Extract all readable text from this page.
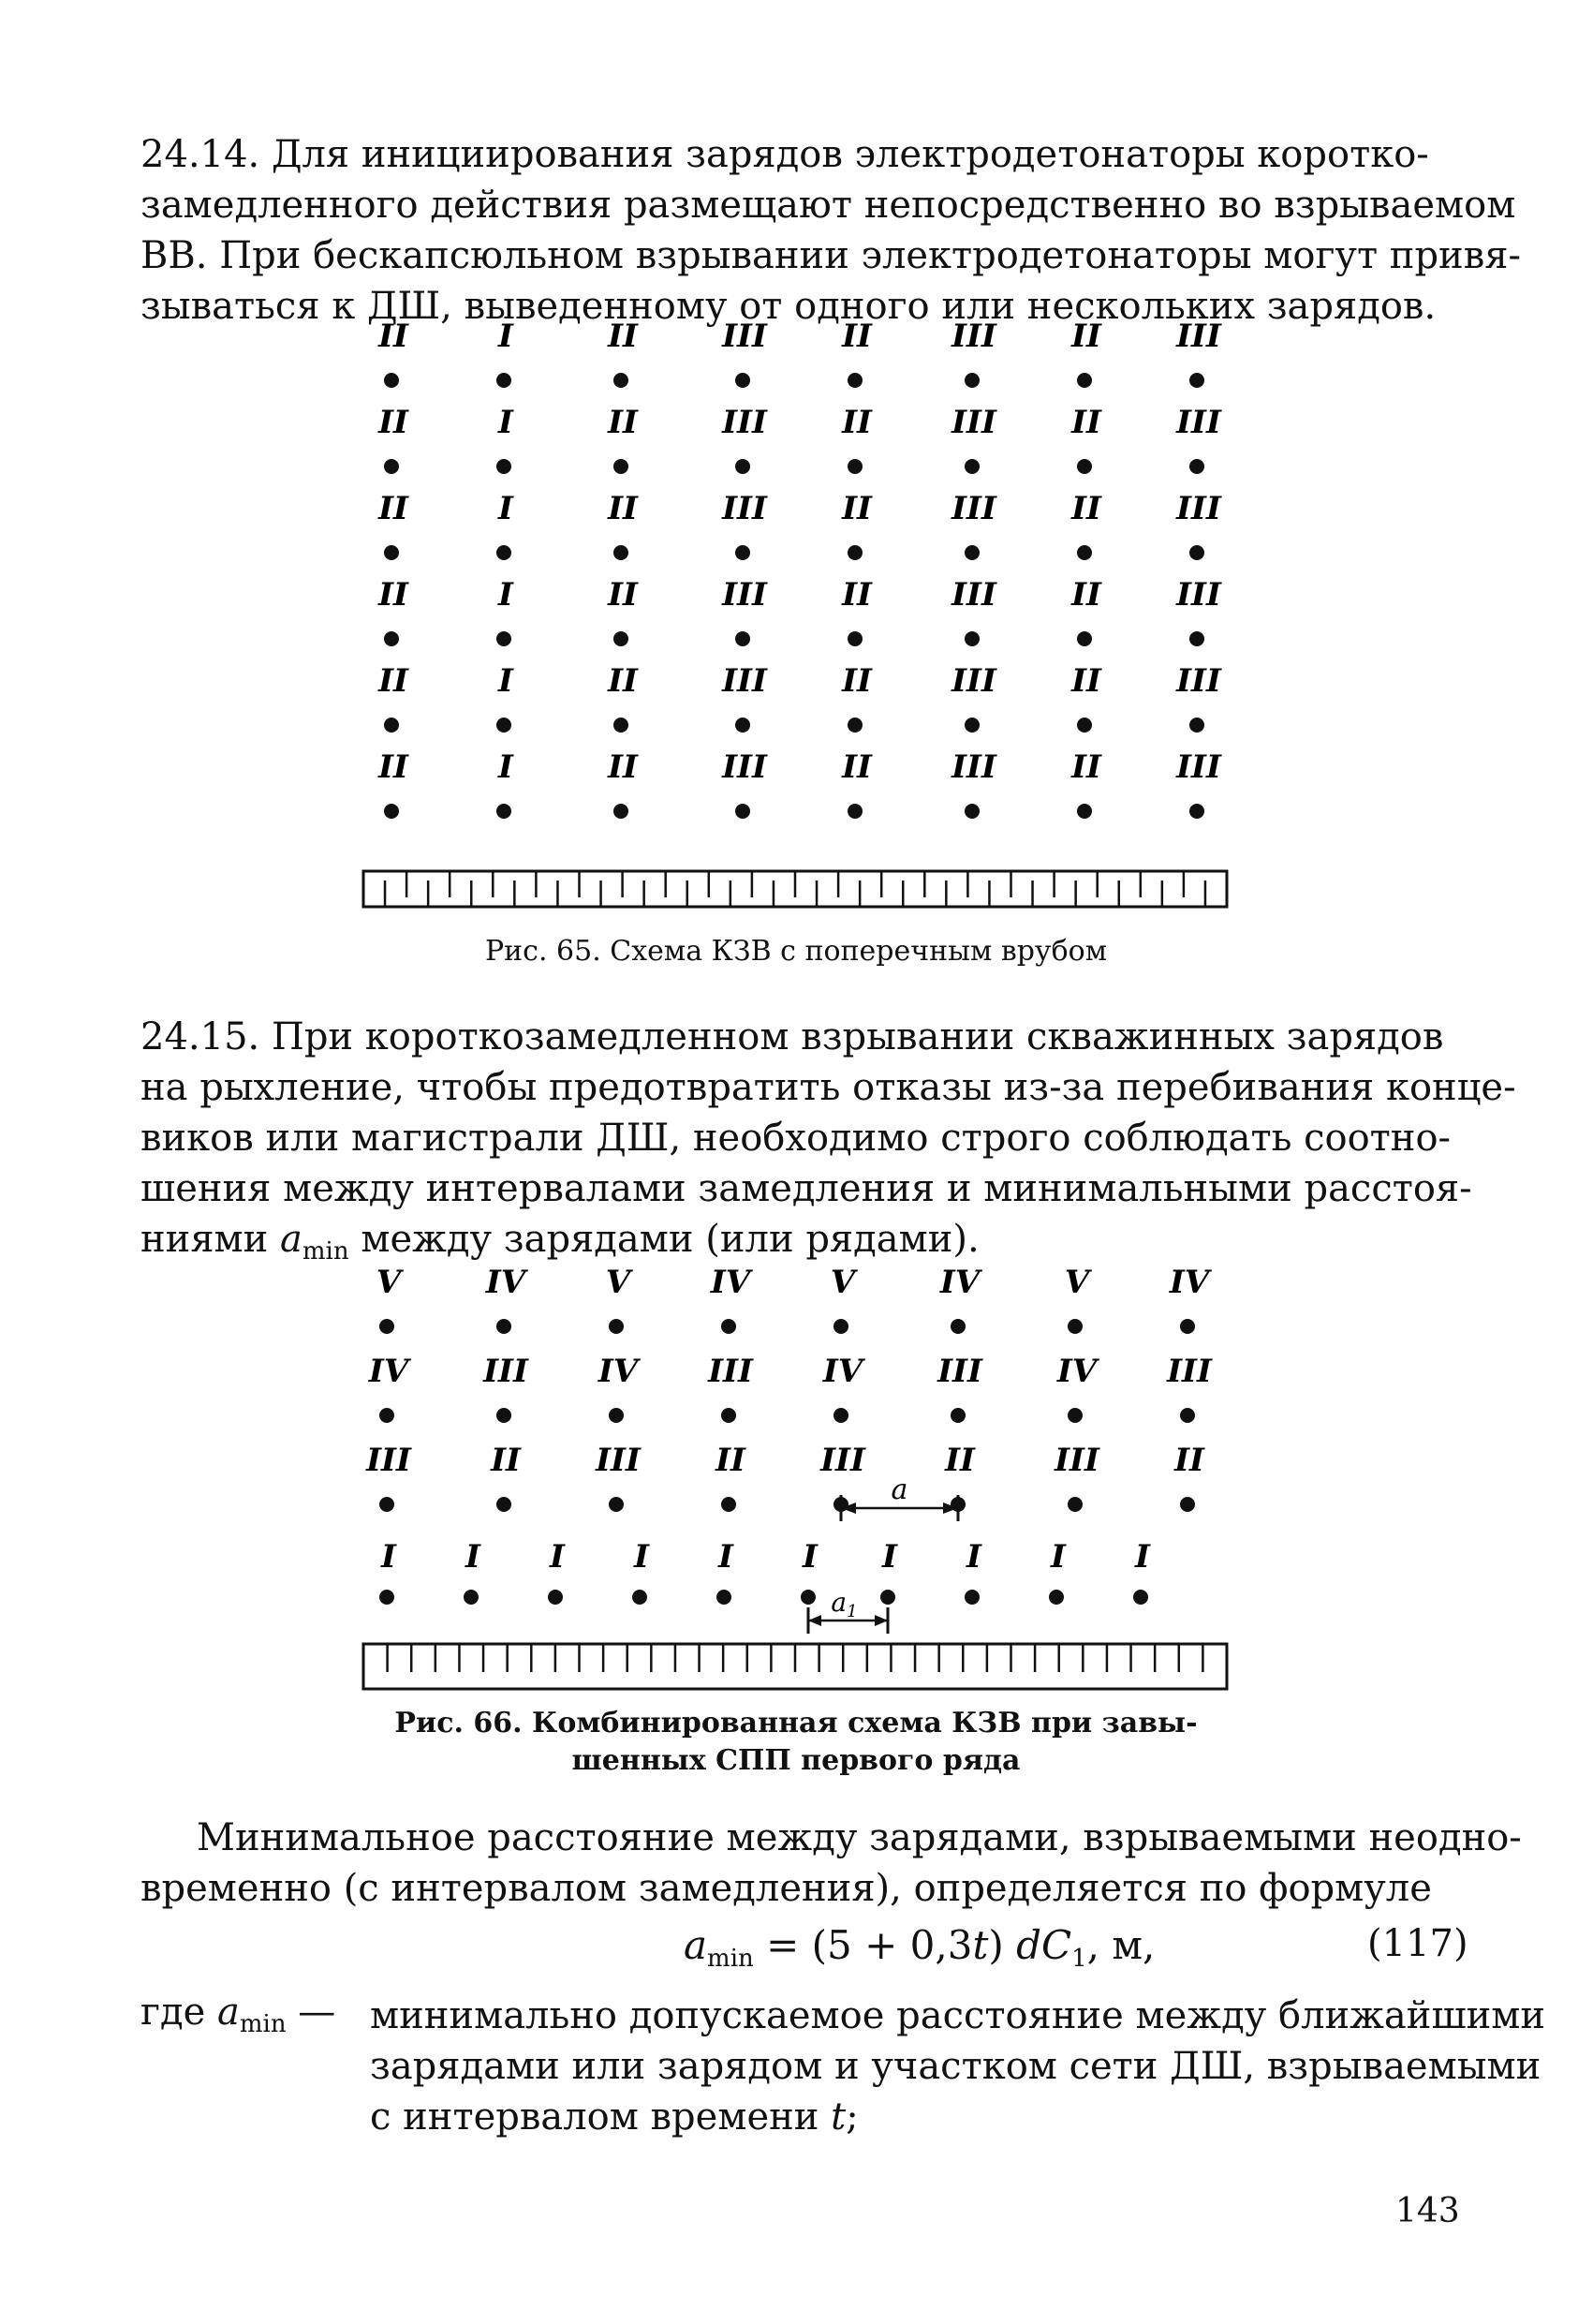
24.14. Для инициирования зарядов электродетонаторы коротко-
замедленного действия размещают непосредственно во взрываемом
ВВ. При бескапсюльном взрывании электродетонаторы могут привя-
зываться к ДШ, выведенному от одного или нескольких зарядов.
II	I	II	III II	III II III
II	I	II	III II	III II III
II	I	II	III II	III II III
II	I	II	III II	III II III
II	I	II	III II	III II III
II	I	II	III II	III II III
Рис. 65. Схема КЗВ с поперечным врубом
24.15. При короткозамедленном взрывании скважинных зарядов
на рыхление, чтобы предотвратить отказы из-за перебивания конце-
виков или магистрали ДШ, необходимо строго соблюдать соотно-
шения между интервалами замедления и минимальными расстоя-
ниями $a_{min}$ между зарядами (или рядами).
V	IV	V	IV	V	IV	V	IV
IV III IV III IV III IV III
III	II III II III	II	III II
I I I I I I I I I I
a
$a_1$
Рис. 66. Комбинированная схема КЗВ при завы-
шенных СПП первого ряда
Минимальное расстояние между зарядами, взрываемыми неодно-
временно (с интервалом замедления), определяется по формуле
$a_{min} = (5 + 0,3t)$ $dC_1$, м,	(117)
где $a_{min}$ — минимально допускаемое расстояние между ближайшими
зарядами или зарядом и участком сети ДШ, взрываемыми
с интервалом времени t;
143
